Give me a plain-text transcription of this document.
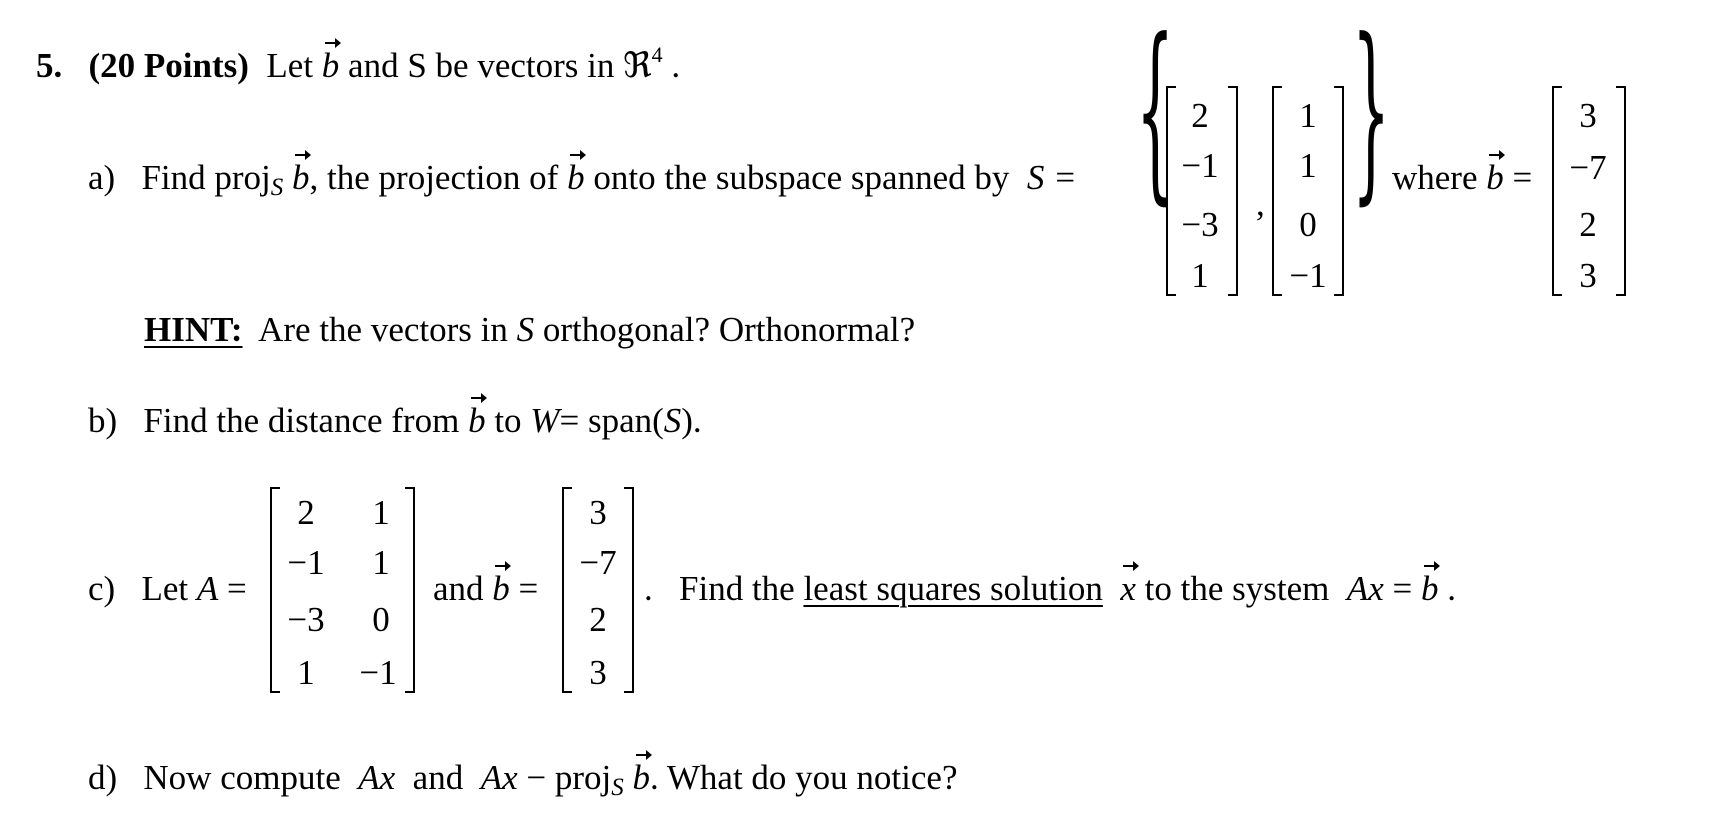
5. (20 Points) Let b and S be vectors in ℜ$^4$ .
a) Find proj$_S$ b, the projection of b onto the subspace spanned by S = { 2
−1
−3
1
,
1
1
0
−1
} where b =
3
−7
2
3
HINT: Are the vectors in S orthogonal? Orthonormal?
b) Find the distance from b to W= span(S).
c) Let A =
2
−1
−3
1
1
1
0
−1
and b =
3
−7
2
3
. Find the least squares solution x to the system Ax = b .
d) Now compute Ax and Ax − proj$_S$ b. What do you notice?
